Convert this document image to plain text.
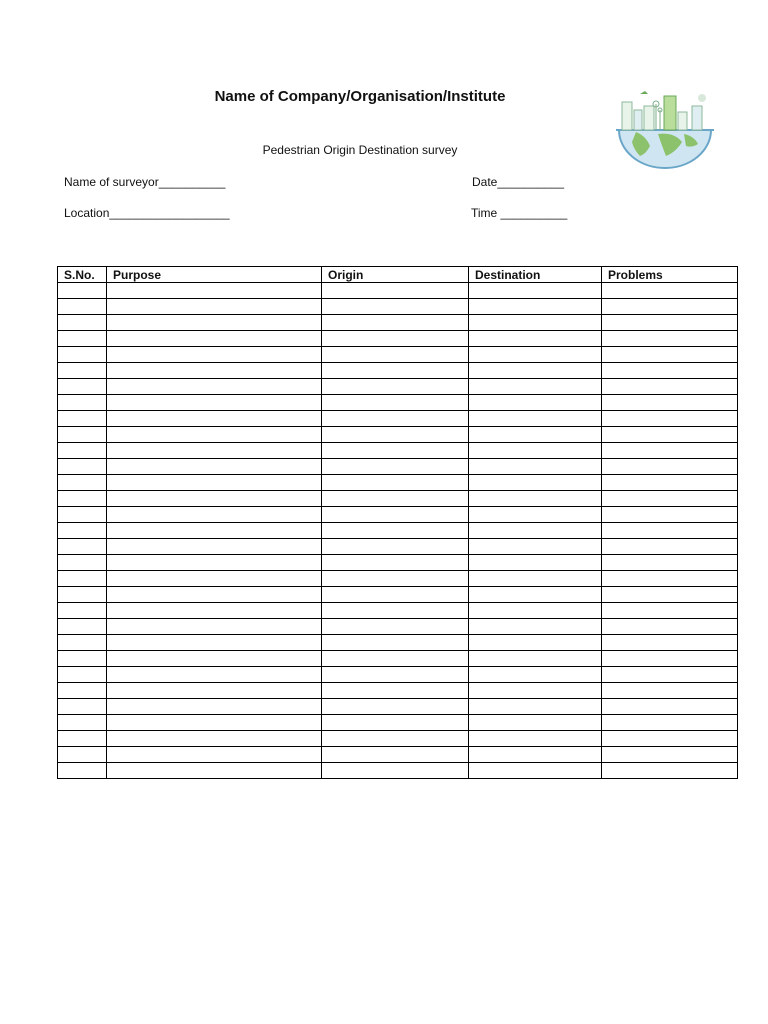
Name of Company/Organisation/Institute
Pedestrian Origin Destination survey
Name of surveyor__________	Date__________
Location__________________	Time __________
S.No.	Purpose	Origin	Destination	Problems
